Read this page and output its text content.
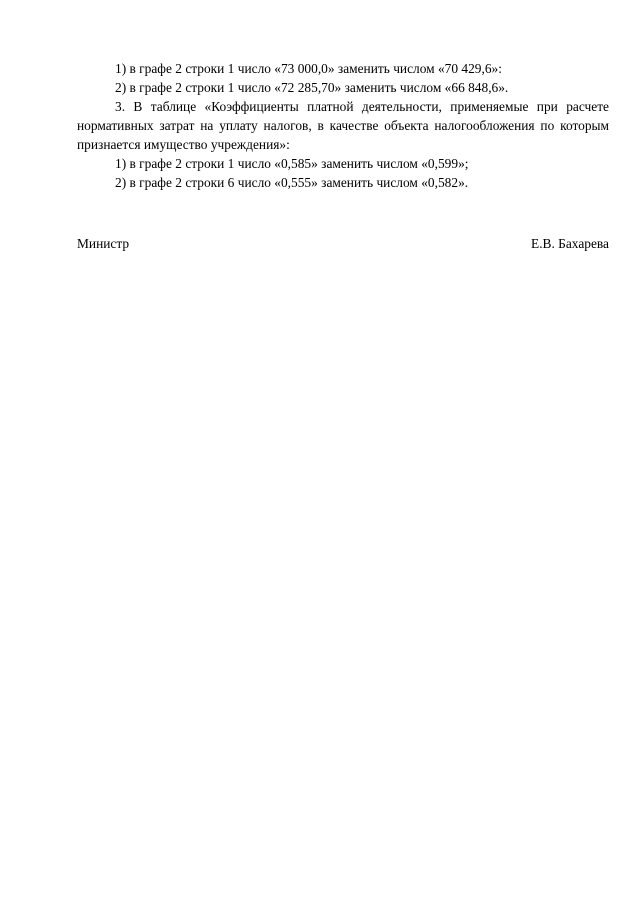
1) в графе 2 строки 1 число «73 000,0» заменить числом «70 429,6»:

2) в графе 2 строки 1 число «72 285,70» заменить числом «66 848,6».

3. В таблице «Коэффициенты платной деятельности, применяемые при расчете нормативных затрат на уплату налогов, в качестве объекта налогообложения по которым признается имущество учреждения»:

1) в графе 2 строки 1 число «0,585» заменить числом «0,599»;

2) в графе 2 строки 6 число «0,555» заменить числом «0,582».

Министр	Е.В. Бахарева
